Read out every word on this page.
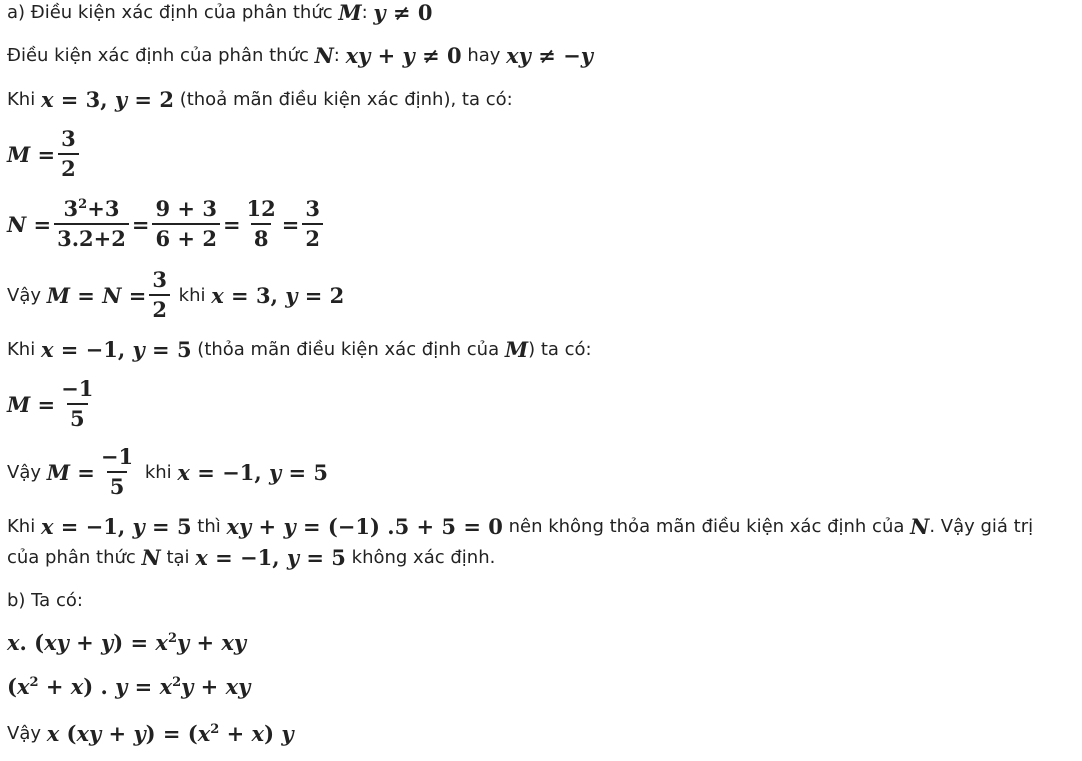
a) Điều kiện xác định của phân thức M : y ≠ 0
Điều kiện xác định của phân thức N : xy + y ≠ 0 hay xy ≠ −y
Khi x = 3, y = 2 (thoả mãn điều kiện xác định), ta có:
$M = \frac{3}{2}$
$N = \frac{3^2+3}{3.2+2} = \frac{9 + 3}{6 + 2} = \frac{12}{8} = \frac{3}{2}$
Vậy $M = N = \frac{3}{2}$ khi x = 3, y = 2
Khi x = −1, y = 5 (thỏa mãn điều kiện xác định của M ) ta có:
$M = \frac{-1}{5}$
Vậy $M = \frac{-1}{5}$ khi x = −1, y = 5
Khi x = −1, y = 5 thì xy + y = (−1) .5 + 5 = 0 nên không thỏa mãn điều kiện xác định của N . Vậy giá trị
của phân thức N tại x = −1, y = 5 không xác định.
b) Ta có:
x. $(xy + y) = x^2y$ + xy
$(x^2 + x)$ . $y = x^2y$ + xy
Vậy x $(xy + y) = (x^2 + x)$ y
